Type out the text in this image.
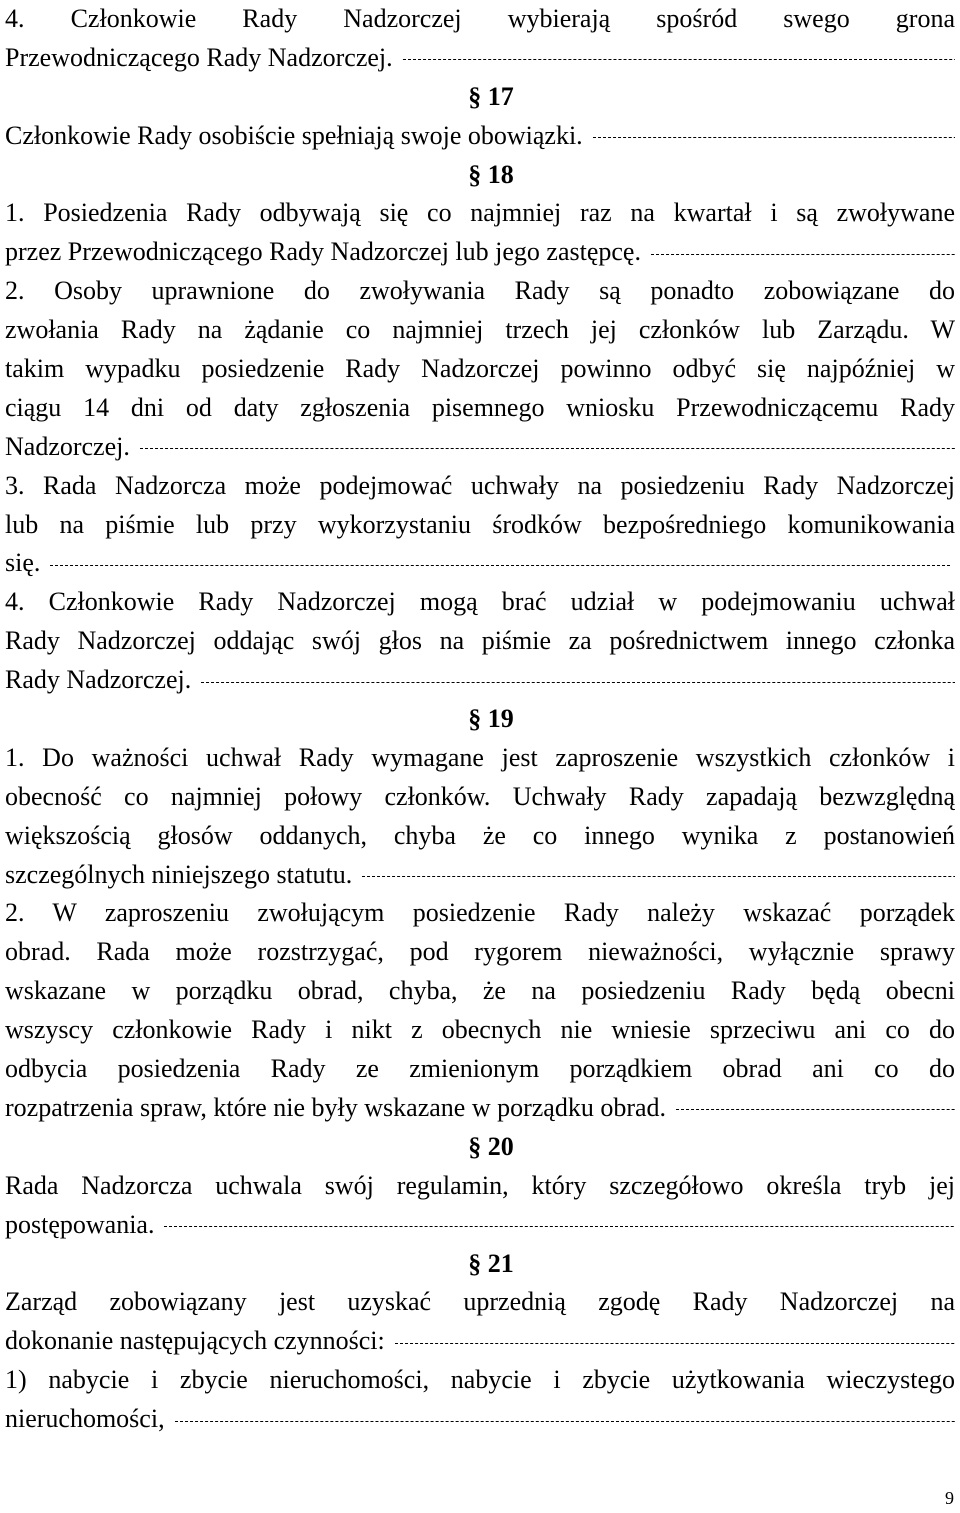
4. Członkowie Rady Nadzorczej wybierają spośród swego grona
Przewodniczącego Rady Nadzorczej.
§ 17
Członkowie Rady osobiście spełniają swoje obowiązki.
§ 18
1. Posiedzenia Rady odbywają się co najmniej raz na kwartał i są zwoływane
przez Przewodniczącego Rady Nadzorczej lub jego zastępcę.
2. Osoby uprawnione do zwoływania Rady są ponadto zobowiązane do
zwołania Rady na żądanie co najmniej trzech jej członków lub Zarządu. W
takim wypadku posiedzenie Rady Nadzorczej powinno odbyć się najpóźniej w
ciągu 14 dni od daty zgłoszenia pisemnego wniosku Przewodniczącemu Rady
Nadzorczej.
3. Rada Nadzorcza może podejmować uchwały na posiedzeniu Rady Nadzorczej
lub na piśmie lub przy wykorzystaniu środków bezpośredniego komunikowania
się.
4. Członkowie Rady Nadzorczej mogą brać udział w podejmowaniu uchwał
Rady Nadzorczej oddając swój głos na piśmie za pośrednictwem innego członka
Rady Nadzorczej.
§ 19
1. Do ważności uchwał Rady wymagane jest zaproszenie wszystkich członków i
obecność co najmniej połowy członków. Uchwały Rady zapadają bezwzględną
większością głosów oddanych, chyba że co innego wynika z postanowień
szczególnych niniejszego statutu.
2. W zaproszeniu zwołującym posiedzenie Rady należy wskazać porządek
obrad. Rada może rozstrzygać, pod rygorem nieważności, wyłącznie sprawy
wskazane w porządku obrad, chyba, że na posiedzeniu Rady będą obecni
wszyscy członkowie Rady i nikt z obecnych nie wniesie sprzeciwu ani co do
odbycia posiedzenia Rady ze zmienionym porządkiem obrad ani co do
rozpatrzenia spraw, które nie były wskazane w porządku obrad.
§ 20
Rada Nadzorcza uchwala swój regulamin, który szczegółowo określa tryb jej
postępowania.
§ 21
Zarząd zobowiązany jest uzyskać uprzednią zgodę Rady Nadzorczej na
dokonanie następujących czynności:
1) nabycie i zbycie nieruchomości, nabycie i zbycie użytkowania wieczystego
nieruchomości,
9
